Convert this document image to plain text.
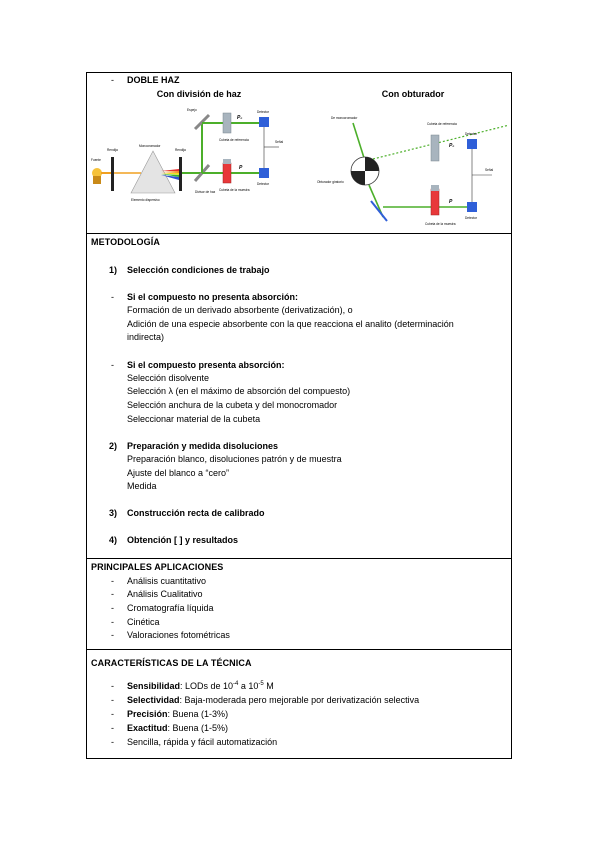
- DOBLE HAZ
Con división de haz
Fuente
Rendija
Monocromador
Elemento dispersivo
Rendija
Divisor de haz
Espejo
P₀
Cubeta de referencia
Detector
P
Cubeta de la muestra
Detector
Señal
Con obturador
De monocromador
Obturador giratorio
Cubeta de referencia
P₀
Detector
P
Cubeta de la muestra
Detector
Señal
METODOLOGÍA
1) Selección condiciones de trabajo
- Si el compuesto no presenta absorción:
Formación de un derivado absorbente (derivatización), o
Adición de una especie absorbente con la que reacciona el analito (determinación
indirecta)
- Si el compuesto presenta absorción:
Selección disolvente
Selección λ (en el máximo de absorción del compuesto)
Selección anchura de la cubeta y del monocromador
Seleccionar material de la cubeta
2) Preparación y medida disoluciones
Preparación blanco, disoluciones patrón y de muestra
Ajuste del blanco a “cero”
Medida
3) Construcción recta de calibrado
4) Obtención [ ] y resultados
PRINCIPALES APLICACIONES
- Análisis cuantitativo
- Análisis Cualitativo
- Cromatografía líquida
- Cinética
- Valoraciones fotométricas
CARACTERÍSTICAS DE LA TÉCNICA
- Sensibilidad: LODs de $10^{-4}$ a $10^{-5}$ M
- Selectividad: Baja-moderada pero mejorable por derivatización selectiva
- Precisión: Buena (1-3%)
- Exactitud: Buena (1-5%)
- Sencilla, rápida y fácil automatización
